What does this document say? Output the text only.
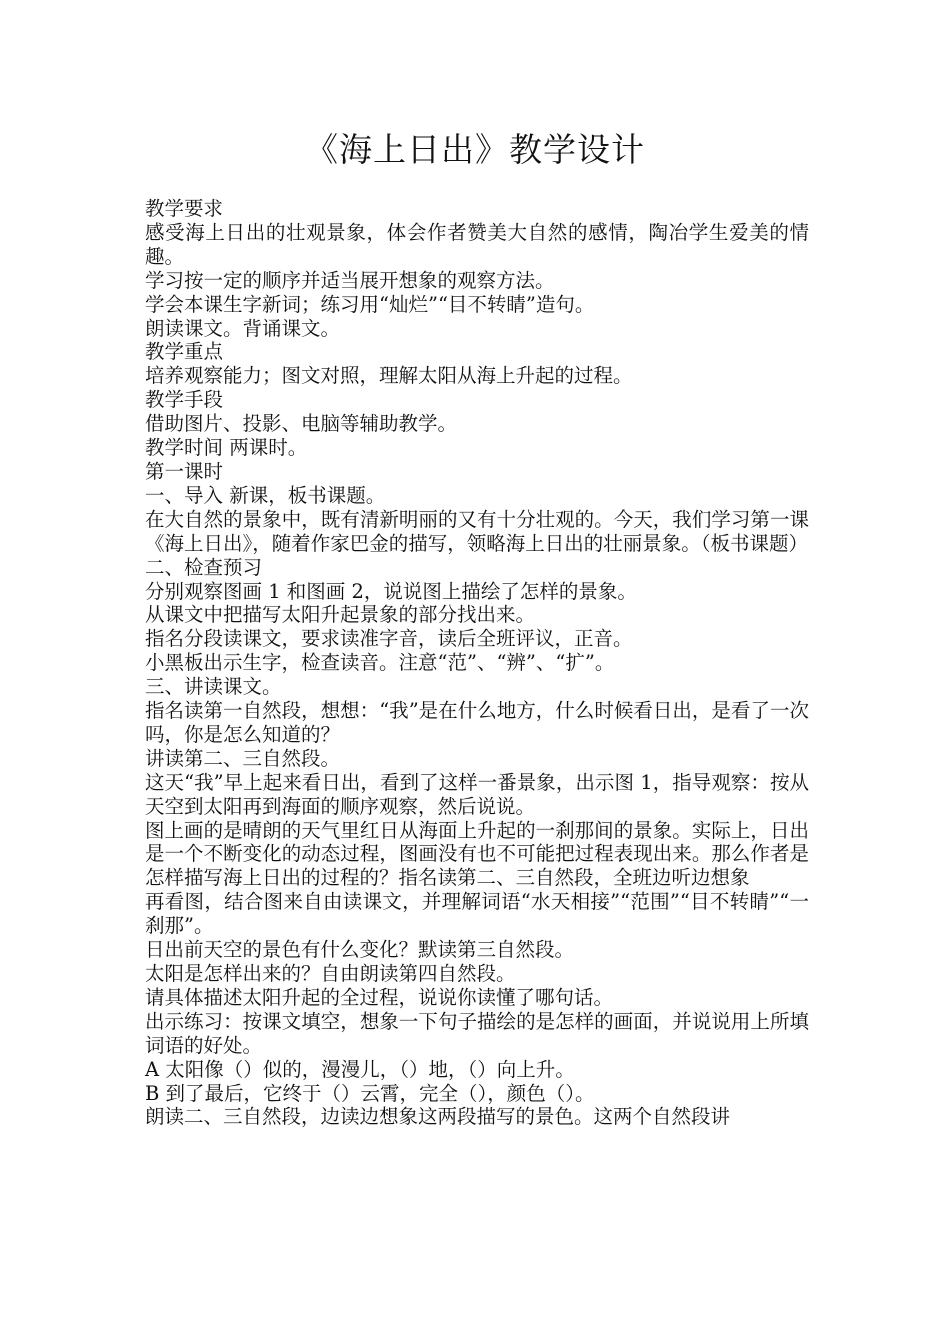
《海上日出》教学设计

教学要求

感受海上日出的壮观景象，体会作者赞美大自然的感情，陶冶学生爱美的情趣。

学习按一定的顺序并适当展开想象的观察方法。

学会本课生字新词；练习用“灿烂”“目不转睛”造句。

朗读课文。背诵课文。

教学重点

培养观察能力；图文对照，理解太阳从海上升起的过程。

教学手段

借助图片、投影、电脑等辅助教学。

教学时间 两课时。

第一课时

一、导入 新课，板书课题。

在大自然的景象中，既有清新明丽的又有十分壮观的。今天，我们学习第一课《海上日出》，随着作家巴金的描写，领略海上日出的壮丽景象。（板书课题）

二、检查预习

分别观察图画 1 和图画 2，说说图上描绘了怎样的景象。

从课文中把描写太阳升起景象的部分找出来。

指名分段读课文，要求读准字音，读后全班评议，正音。

小黑板出示生字，检查读音。注意“范”、“辨”、“扩”。

三、讲读课文。

指名读第一自然段，想想：“我”是在什么地方，什么时候看日出，是看了一次吗，你是怎么知道的？

讲读第二、三自然段。

这天“我”早上起来看日出，看到了这样一番景象，出示图 1，指导观察：按从天空到太阳再到海面的顺序观察，然后说说。

图上画的是晴朗的天气里红日从海面上升起的一刹那间的景象。实际上，日出是一个不断变化的动态过程，图画没有也不可能把过程表现出来。那么作者是怎样描写海上日出的过程的？指名读第二、三自然段，全班边听边想象

再看图，结合图来自由读课文，并理解词语“水天相接”“范围”“目不转睛”“一刹那”。

日出前天空的景色有什么变化？默读第三自然段。

太阳是怎样出来的？自由朗读第四自然段。

请具体描述太阳升起的全过程，说说你读懂了哪句话。

出示练习：按课文填空，想象一下句子描绘的是怎样的画面，并说说用上所填词语的好处。

A 太阳像（）似的，漫漫儿，（）地，（）向上升。

B 到了最后，它终于（）云霄，完全（），颜色（）。

朗读二、三自然段，边读边想象这两段描写的景色。这两个自然段讲
